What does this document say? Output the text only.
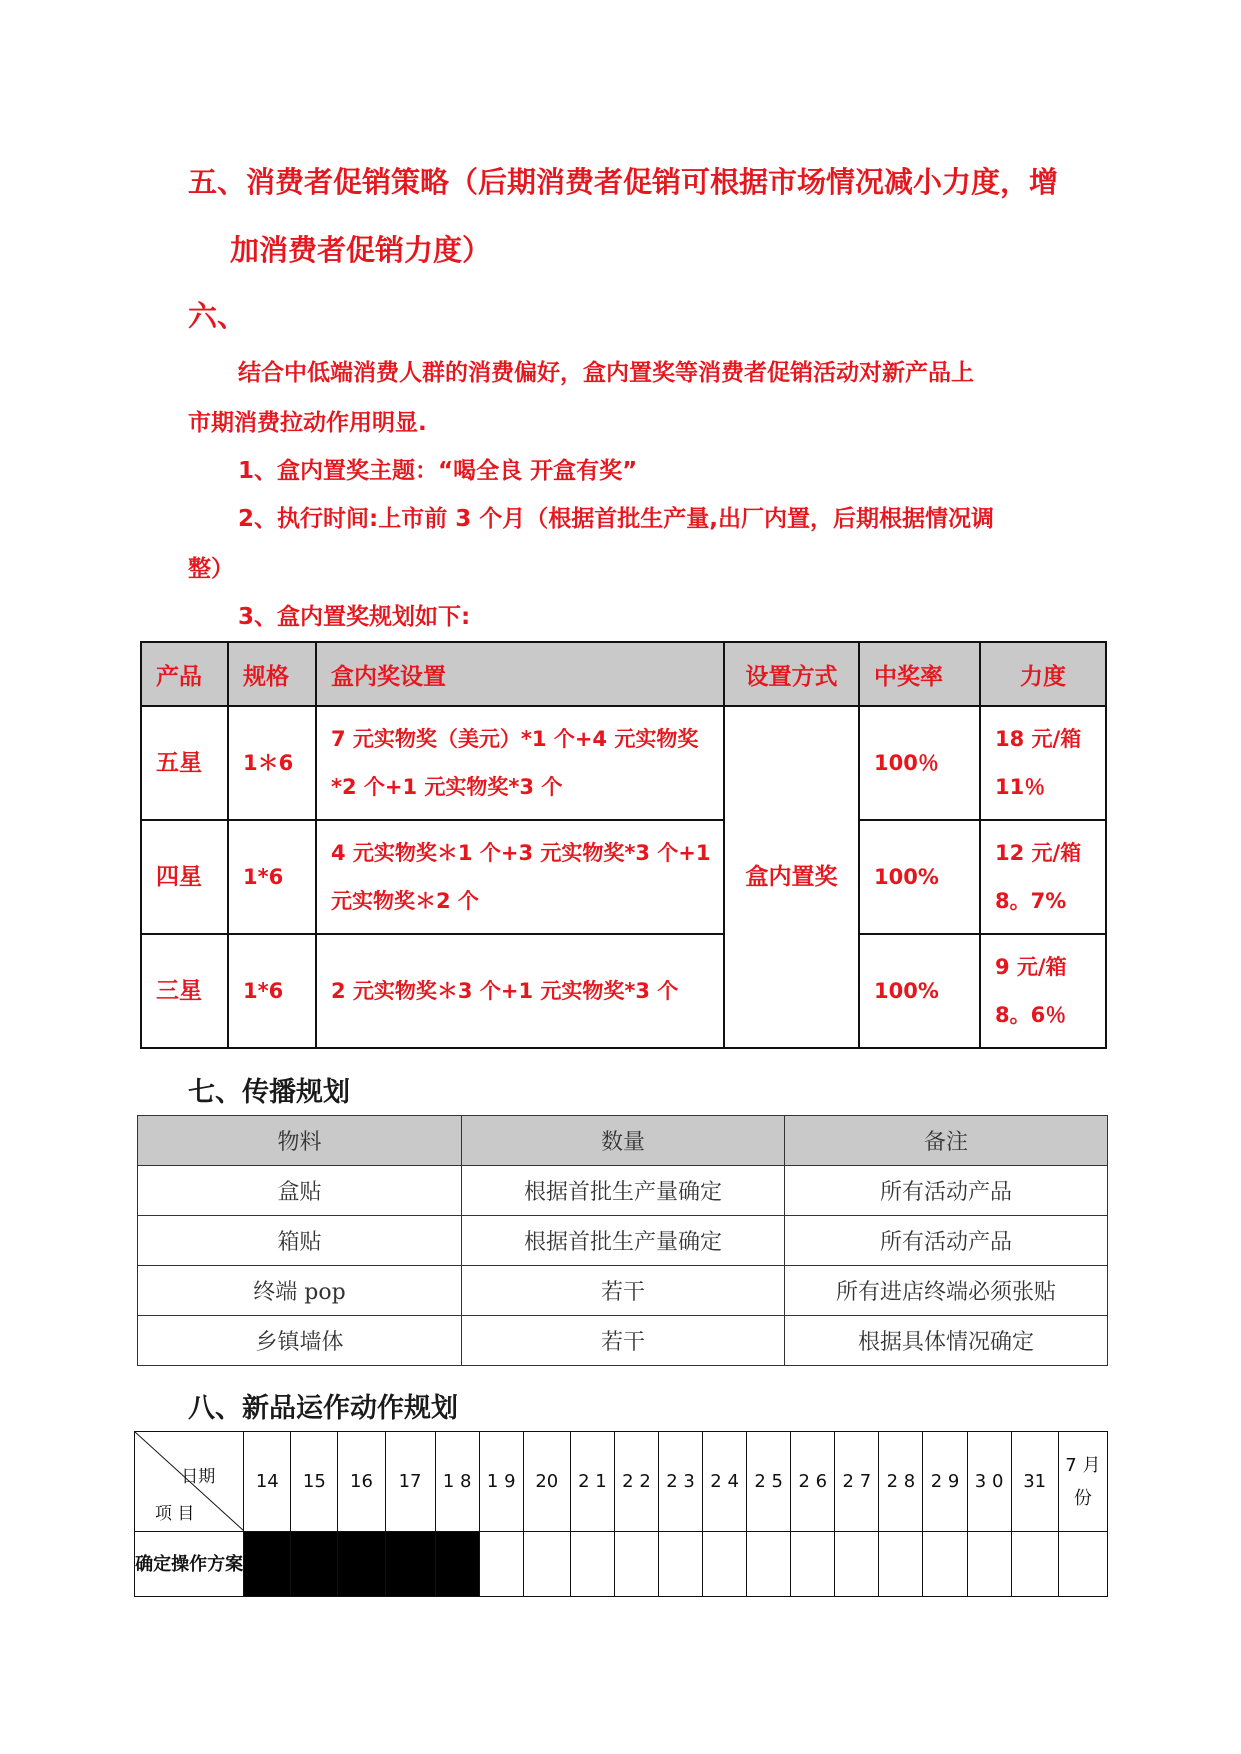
五、消费者促销策略（后期消费者促销可根据市场情况减小力度，增
加消费者促销力度）
六、
结合中低端消费人群的消费偏好，盒内置奖等消费者促销活动对新产品上
市期消费拉动作用明显.
1、盒内置奖主题：“喝全良 开盒有奖”
2、执行时间:上市前 3 个月（根据首批生产量,出厂内置，后期根据情况调
整）
3、盒内置奖规划如下:
产品	规格	盒内奖设置	设置方式	中奖率	力度
五星	1＊6	7 元实物奖（美元）*1 个+4 元实物奖*2 个+1 元实物奖*3 个	盒内置奖	100％	18 元/箱
11％
四星	1*6	4 元实物奖＊1 个+3 元实物奖*3 个+1 元实物奖＊2 个		100%	12 元/箱
8。7%
三星	1*6	2 元实物奖＊3 个+1 元实物奖*3 个		100%	9 元/箱
8。6％
七、传播规划
物料	数量	备注
盒贴	根据首批生产量确定	所有活动产品
箱贴	根据首批生产量确定	所有活动产品
终端 pop	若干	所有进店终端必须张贴
乡镇墙体	若干	根据具体情况确定
八、新品运作动作规划
日期
项 目	14	15	16	17	1 8	1 9	20	2 1	2 2	2 3	2 4	2 5	2 6	2 7	2 8	2 9	3 0	31	7 月 份
确定操作方案																			
